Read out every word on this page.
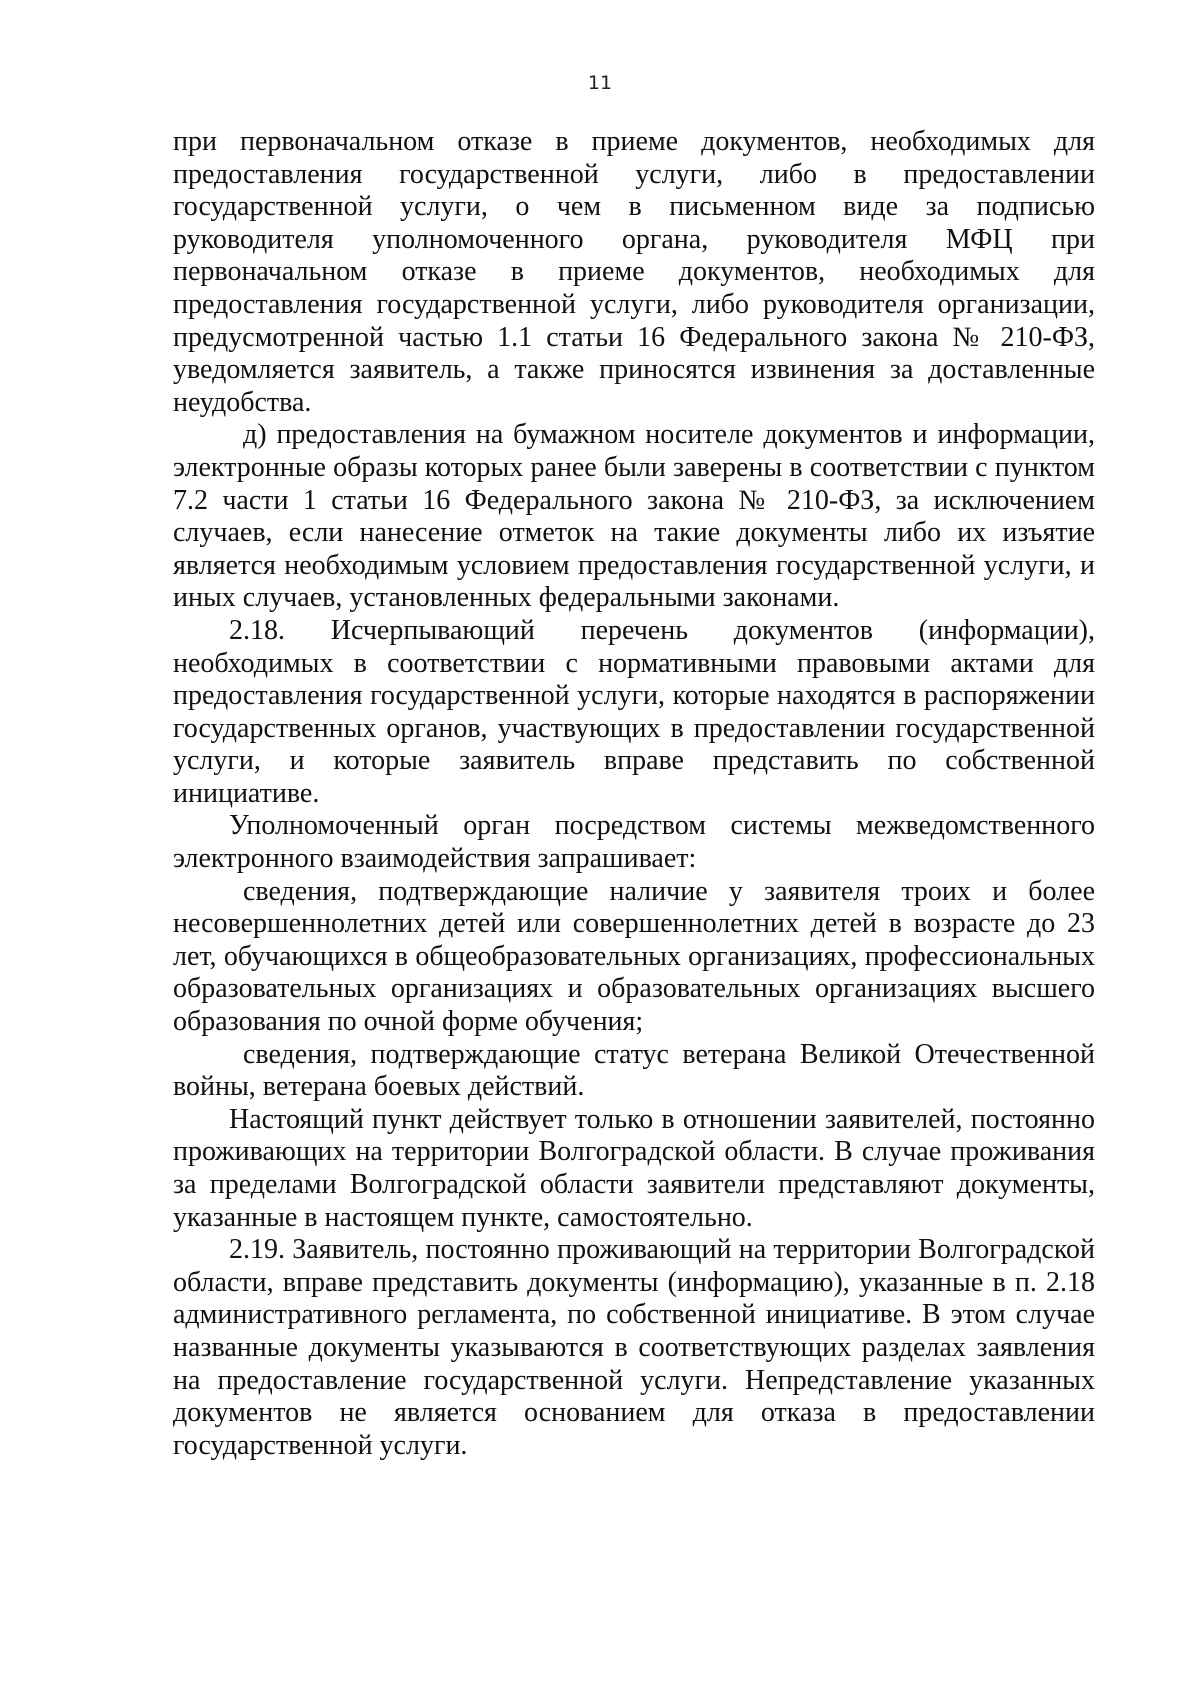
11

при первоначальном отказе в приеме документов, необходимых для предоставления государственной услуги, либо в предоставлении государственной услуги, о чем в письменном виде за подписью руководителя уполномоченного органа, руководителя МФЦ при первоначальном отказе в приеме документов, необходимых для предоставления государственной услуги, либо руководителя организации, предусмотренной частью 1.1 статьи 16 Федерального закона № 210-ФЗ, уведомляется заявитель, а также приносятся извинения за доставленные неудобства.

д) предоставления на бумажном носителе документов и информации, электронные образы которых ранее были заверены в соответствии с пунктом 7.2 части 1 статьи 16 Федерального закона № 210-ФЗ, за исключением случаев, если нанесение отметок на такие документы либо их изъятие является необходимым условием предоставления государственной услуги, и иных случаев, установленных федеральными законами.

2.18. Исчерпывающий перечень документов (информации), необходимых в соответствии с нормативными правовыми актами для предоставления государственной услуги, которые находятся в распоряжении государственных органов, участвующих в предоставлении государственной услуги, и которые заявитель вправе представить по собственной инициативе.

Уполномоченный орган посредством системы межведомственного электронного взаимодействия запрашивает:

сведения, подтверждающие наличие у заявителя троих и более несовершеннолетних детей или совершеннолетних детей в возрасте до 23 лет, обучающихся в общеобразовательных организациях, профессиональных образовательных организациях и образовательных организациях высшего образования по очной форме обучения;

сведения, подтверждающие статус ветерана Великой Отечественной войны, ветерана боевых действий.

Настоящий пункт действует только в отношении заявителей, постоянно проживающих на территории Волгоградской области. В случае проживания за пределами Волгоградской области заявители представляют документы, указанные в настоящем пункте, самостоятельно.

2.19. Заявитель, постоянно проживающий на территории Волгоградской области, вправе представить документы (информацию), указанные в п. 2.18 административного регламента, по собственной инициативе. В этом случае названные документы указываются в соответствующих разделах заявления на предоставление государственной услуги. Непредставление указанных документов не является основанием для отказа в предоставлении государственной услуги.
